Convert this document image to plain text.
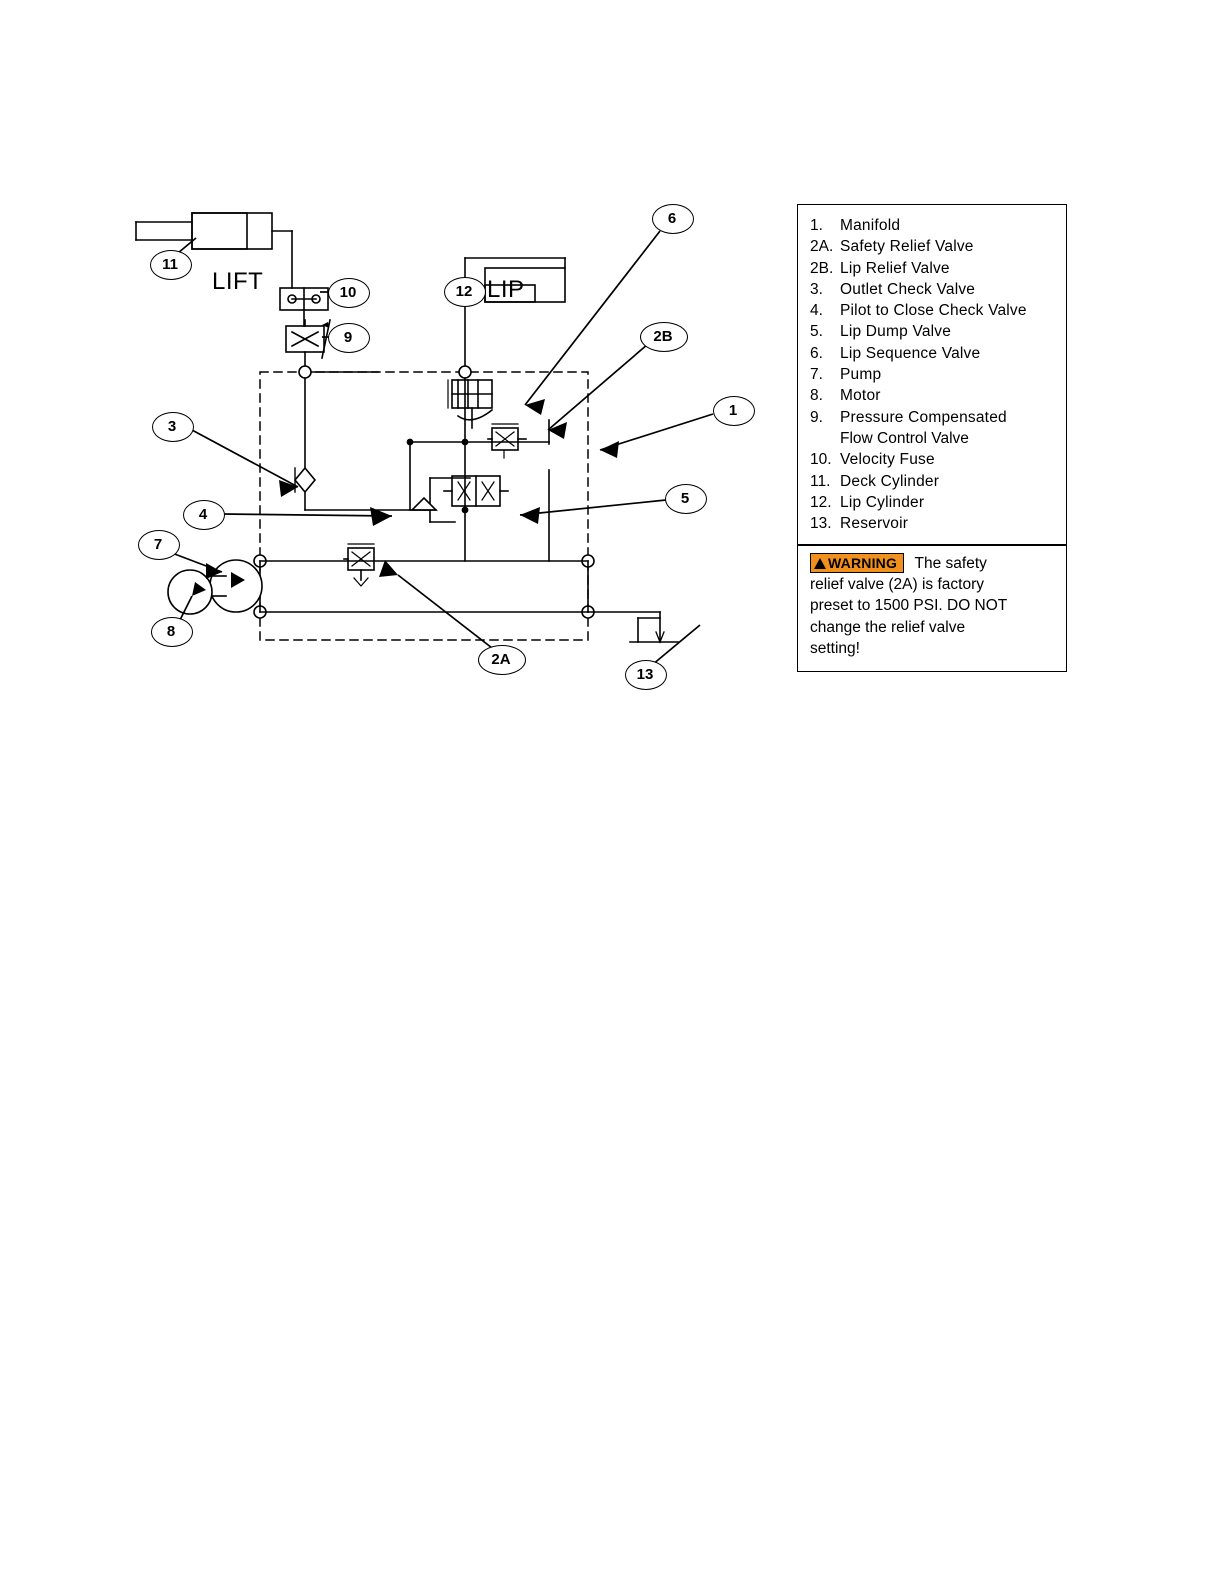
11
10
9
12
6
2B
1
3
4
5
7
8
2A
13
LIFT	LIP
1.	Manifold
2A. Safety Relief Valve
2B. Lip Relief Valve
3.	Outlet Check Valve
4.	Pilot to Close Check Valve
5.	Lip Dump Valve
6.	Lip Sequence Valve
7.	Pump
8.	Motor
9.	Pressure Compensated
Flow Control Valve
10. Velocity Fuse
11. Deck Cylinder
12. Lip Cylinder
13. Reservoir
WARNING The safety
relief valve (2A) is factory
preset to 1500 PSI. DO NOT
change the relief valve
setting!
